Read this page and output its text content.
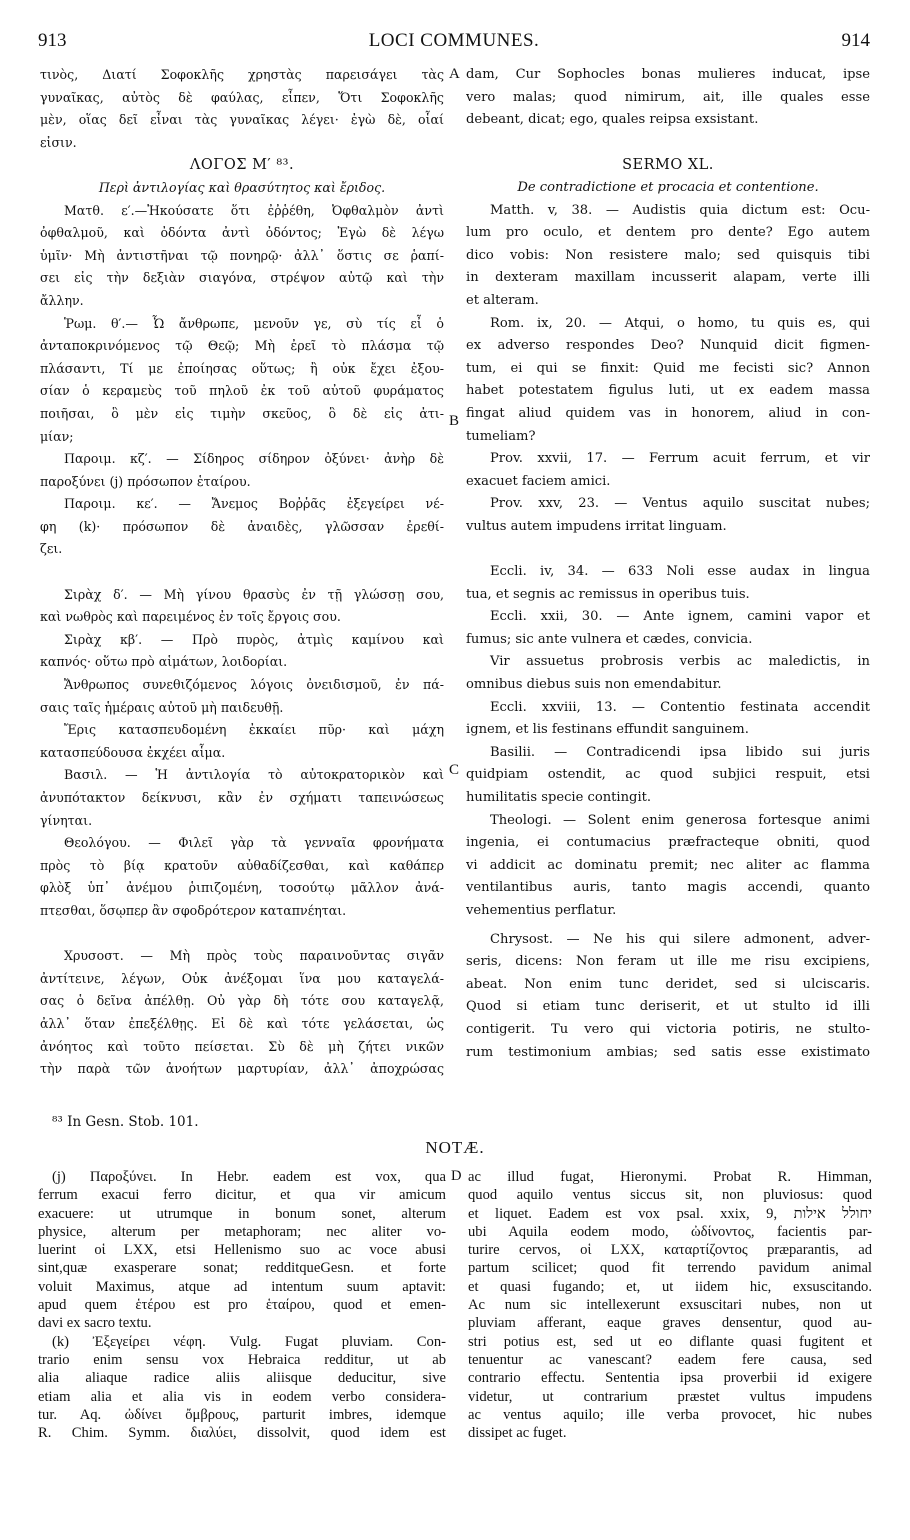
913	LOCI COMMUNES.	914
τινὸς, Διατί Σοφοκλῆς χρηστὰς παρεισάγει τὰς
γυναῖκας, αὐτὸς δὲ φαύλας, εἶπεν, Ὅτι Σοφοκλῆς
μὲν, οἵας δεῖ εἶναι τὰς γυναῖκας λέγει· ἐγὼ δὲ, οἷαί
εἰσιν.
ΛΟΓΟΣ Μ′ ⁸³.
Περὶ ἀντιλογίας καὶ θρασύτητος καὶ ἔριδος.
Ματθ. ε′.—Ἠκούσατε ὅτι ἐῤῥέθη, Ὀφθαλμὸν ἀντὶ
ὀφθαλμοῦ, καὶ ὀδόντα ἀντὶ ὀδόντος; Ἐγὼ δὲ λέγω
ὑμῖν· Μὴ ἀντιστῆναι τῷ πονηρῷ· ἀλλ᾽ ὅστις σε ῥαπί-
σει εἰς τὴν δεξιὰν σιαγόνα, στρέψον αὐτῷ καὶ τὴν
ἄλλην.
Ῥωμ. θ′.— Ὦ ἄνθρωπε, μενοῦν γε, σὺ τίς εἶ ὁ
ἀνταποκρινόμενος τῷ Θεῷ; Μὴ ἐρεῖ τὸ πλάσμα τῷ
πλάσαντι, Τί με ἐποίησας οὕτως; ἢ οὐκ ἔχει ἐξου-
σίαν ὁ κεραμεὺς τοῦ πηλοῦ ἐκ τοῦ αὐτοῦ φυράματος
ποιῆσαι, ὃ μὲν εἰς τιμὴν σκεῦος, ὃ δὲ εἰς ἀτι-
μίαν;
Παροιμ. κζ′. — Σίδηρος σίδηρον ὀξύνει· ἀνὴρ δὲ
παροξύνει (j) πρόσωπον ἑταίρου.
Παροιμ. κε′. — Ἄνεμος Βοῤῥᾶς ἐξεγείρει νέ-
φη (k)· πρόσωπον δὲ ἀναιδὲς, γλῶσσαν ἐρεθί-
ζει.
Σιρὰχ δ′. — Μὴ γίνου θρασὺς ἐν τῇ γλώσσῃ σου,
καὶ νωθρὸς καὶ παρειμένος ἐν τοῖς ἔργοις σου.
Σιρὰχ κβ′. — Πρὸ πυρὸς, ἀτμὶς καμίνου καὶ
καπνός· οὕτω πρὸ αἱμάτων, λοιδορίαι.
Ἄνθρωπος συνεθιζόμενος λόγοις ὀνειδισμοῦ, ἐν πά-
σαις ταῖς ἡμέραις αὐτοῦ μὴ παιδευθῇ.
Ἔρις κατασπευδομένη ἐκκαίει πῦρ· καὶ μάχη
κατασπεύδουσα ἐκχέει αἷμα.
Βασιλ. — Ἡ ἀντιλογία τὸ αὐτοκρατορικὸν καὶ
ἀνυπότακτον δείκνυσι, κἂν ἐν σχήματι ταπεινώσεως
γίνηται.
Θεολόγου. — Φιλεῖ γὰρ τὰ γενναῖα φρονήματα
πρὸς τὸ βίᾳ κρατοῦν αὐθαδίζεσθαι, καὶ καθάπερ
φλὸξ ὑπ᾽ ἀνέμου ῥιπιζομένη, τοσούτῳ μᾶλλον ἀνά-
πτεσθαι, ὅσῳπερ ἂν σφοδρότερον καταπνέηται.
Χρυσοστ. — Μὴ πρὸς τοὺς παραινοῦντας σιγᾶν
ἀντίτεινε, λέγων, Οὐκ ἀνέξομαι ἵνα μου καταγελά-
σας ὁ δεῖνα ἀπέλθῃ. Οὐ γὰρ δὴ τότε σου καταγελᾷ,
ἀλλ᾽ ὅταν ἐπεξέλθῃς. Εἰ δὲ καὶ τότε γελάσεται, ὡς
ἀνόητος καὶ τοῦτο πείσεται. Σὺ δὲ μὴ ζήτει νικῶν
τὴν παρὰ τῶν ἀνοήτων μαρτυρίαν, ἀλλ᾽ ἀποχρώσας
A
B
C
dam, Cur Sophocles bonas mulieres inducat, ipse
vero malas; quod nimirum, ait, ille quales esse
debeant, dicat; ego, quales reipsa exsistant.
SERMO XL.
De contradictione et procacia et contentione.
Matth. v, 38. — Audistis quia dictum est: Ocu-
lum pro oculo, et dentem pro dente? Ego autem
dico vobis: Non resistere malo; sed quisquis tibi
in dexteram maxillam incusserit alapam, verte illi
et alteram.
Rom. ix, 20. — Atqui, o homo, tu quis es, qui
ex adverso respondes Deo? Nunquid dicit figmen-
tum, ei qui se finxit: Quid me fecisti sic? Annon
habet potestatem figulus luti, ut ex eadem massa
fingat aliud quidem vas in honorem, aliud in con-
tumeliam?
Prov. xxvii, 17. — Ferrum acuit ferrum, et vir
exacuet faciem amici.
Prov. xxv, 23. — Ventus aquilo suscitat nubes;
vultus autem impudens irritat linguam.
Eccli. iv, 34. — 633 Noli esse audax in lingua
tua, et segnis ac remissus in operibus tuis.
Eccli. xxii, 30. — Ante ignem, camini vapor et
fumus; sic ante vulnera et cædes, convicia.
Vir assuetus probrosis verbis ac maledictis, in
omnibus diebus suis non emendabitur.
Eccli. xxviii, 13. — Contentio festinata accendit
ignem, et lis festinans effundit sanguinem.
Basilii. — Contradicendi ipsa libido sui juris
quidpiam ostendit, ac quod subjici respuit, etsi
humilitatis specie contingit.
Theologi. — Solent enim generosa fortesque animi
ingenia, ei contumacius præfracteque obniti, quod
vi addicit ac dominatu premit; nec aliter ac flamma
ventilantibus auris, tanto magis accendi, quanto
vehementius perflatur.
Chrysost. — Ne his qui silere admonent, adver-
seris, dicens: Non feram ut ille me risu excipiens,
abeat. Non enim tunc deridet, sed si ulciscaris.
Quod si etiam tunc deriserit, et ut stulto id illi
contigerit. Tu vero qui victoria potiris, ne stulto-
rum testimonium ambias; sed satis esse existimato
⁸³ In Gesn. Stob. 101.
NOTÆ.
D
(j) Παροξύνει. In Hebr. eadem est vox, qua
ferrum exacui ferro dicitur, et qua vir amicum
exacuere: ut utrumque in bonum sonet, alterum
physice, alterum per metaphoram; nec aliter vo-
luerint οἱ LXX, etsi Hellenismo suo ac voce abusi
sint,quæ exasperare sonat; redditqueGesn. et forte
voluit Maximus, atque ad intentum suum aptavit:
apud quem ἑτέρου est pro ἑταίρου, quod et emen-
davi ex sacro textu.
(k) Ἐξεγείρει νέφη. Vulg. Fugat pluviam. Con-
trario enim sensu vox Hebraica redditur, ut ab
alia aliaque radice aliis aliisque deducitur, sive
etiam alia et alia vis in eodem verbo considera-
tur. Aq. ὠδίνει ὄμβρους, parturit imbres, idemque
R. Chim. Symm. διαλύει, dissolvit, quod idem est
ac illud fugat, Hieronymi. Probat R. Himman,
quod aquilo ventus siccus sit, non pluviosus: quod
et liquet. Eadem est vox psal. xxix, 9, יחולל אילות
ubi Aquila eodem modo, ὠδίνοντος, facientis par-
turire cervos, οἱ LXX, καταρτίζοντος præparantis, ad
partum scilicet; quod fit terrendo pavidum animal
et quasi fugando; et, ut iidem hic, exsuscitando.
Ac num sic intellexerunt exsuscitari nubes, non ut
pluviam afferant, eaque graves densentur, quod au-
stri potius est, sed ut eo diflante quasi fugitent et
tenuentur ac vanescant? eadem fere causa, sed
contrario effectu. Sententia ipsa proverbii id exigere
videtur, ut contrarium præstet vultus impudens
ac ventus aquilo; ille verba provocet, hic nubes
dissipet ac fuget.
